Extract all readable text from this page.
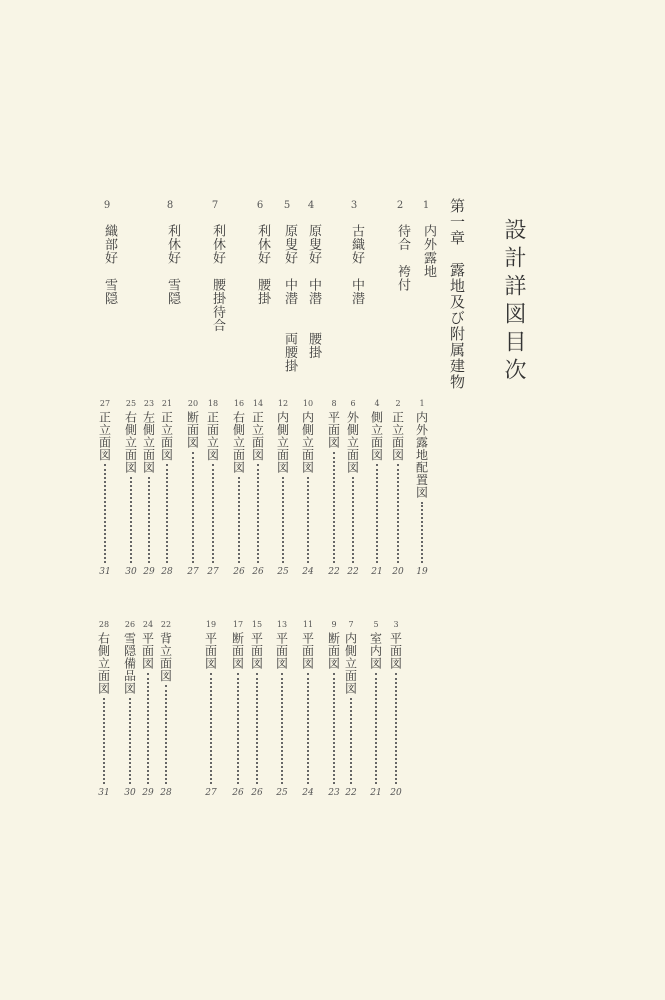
設計詳図目次
第一章　露地及び附属建物
1
内外露地
2
待合　袴付
3
古織好　中潜
4
原叟好　中潜　　腰掛
5
原叟好　中潜　　両腰掛
6
利休好　腰掛
7
利休好　腰掛待合
8
利休好　雪隠
9
織部好　雪隠
1
内外露地配置図
19
2
正立面図
20
4
側立面図
21
6
外側立面図
22
8
平面図
22
10
内側立面図
24
12
内側立面図
25
14
正立面図
26
16
右側立面図
26
18
正面立図
27
20
断面図
27
21
正立面図
28
23
左側立面図
29
25
右側立面図
30
27
正立面図
31
3
平面図
20
5
室内図
21
7
内側立面図
22
9
断面図
23
11
平面図
24
13
平面図
25
15
平面図
26
17
断面図
26
19
平面図
27
22
背立面図
28
24
平面図
29
26
雪隠備品図
30
28
右側立面図
31
